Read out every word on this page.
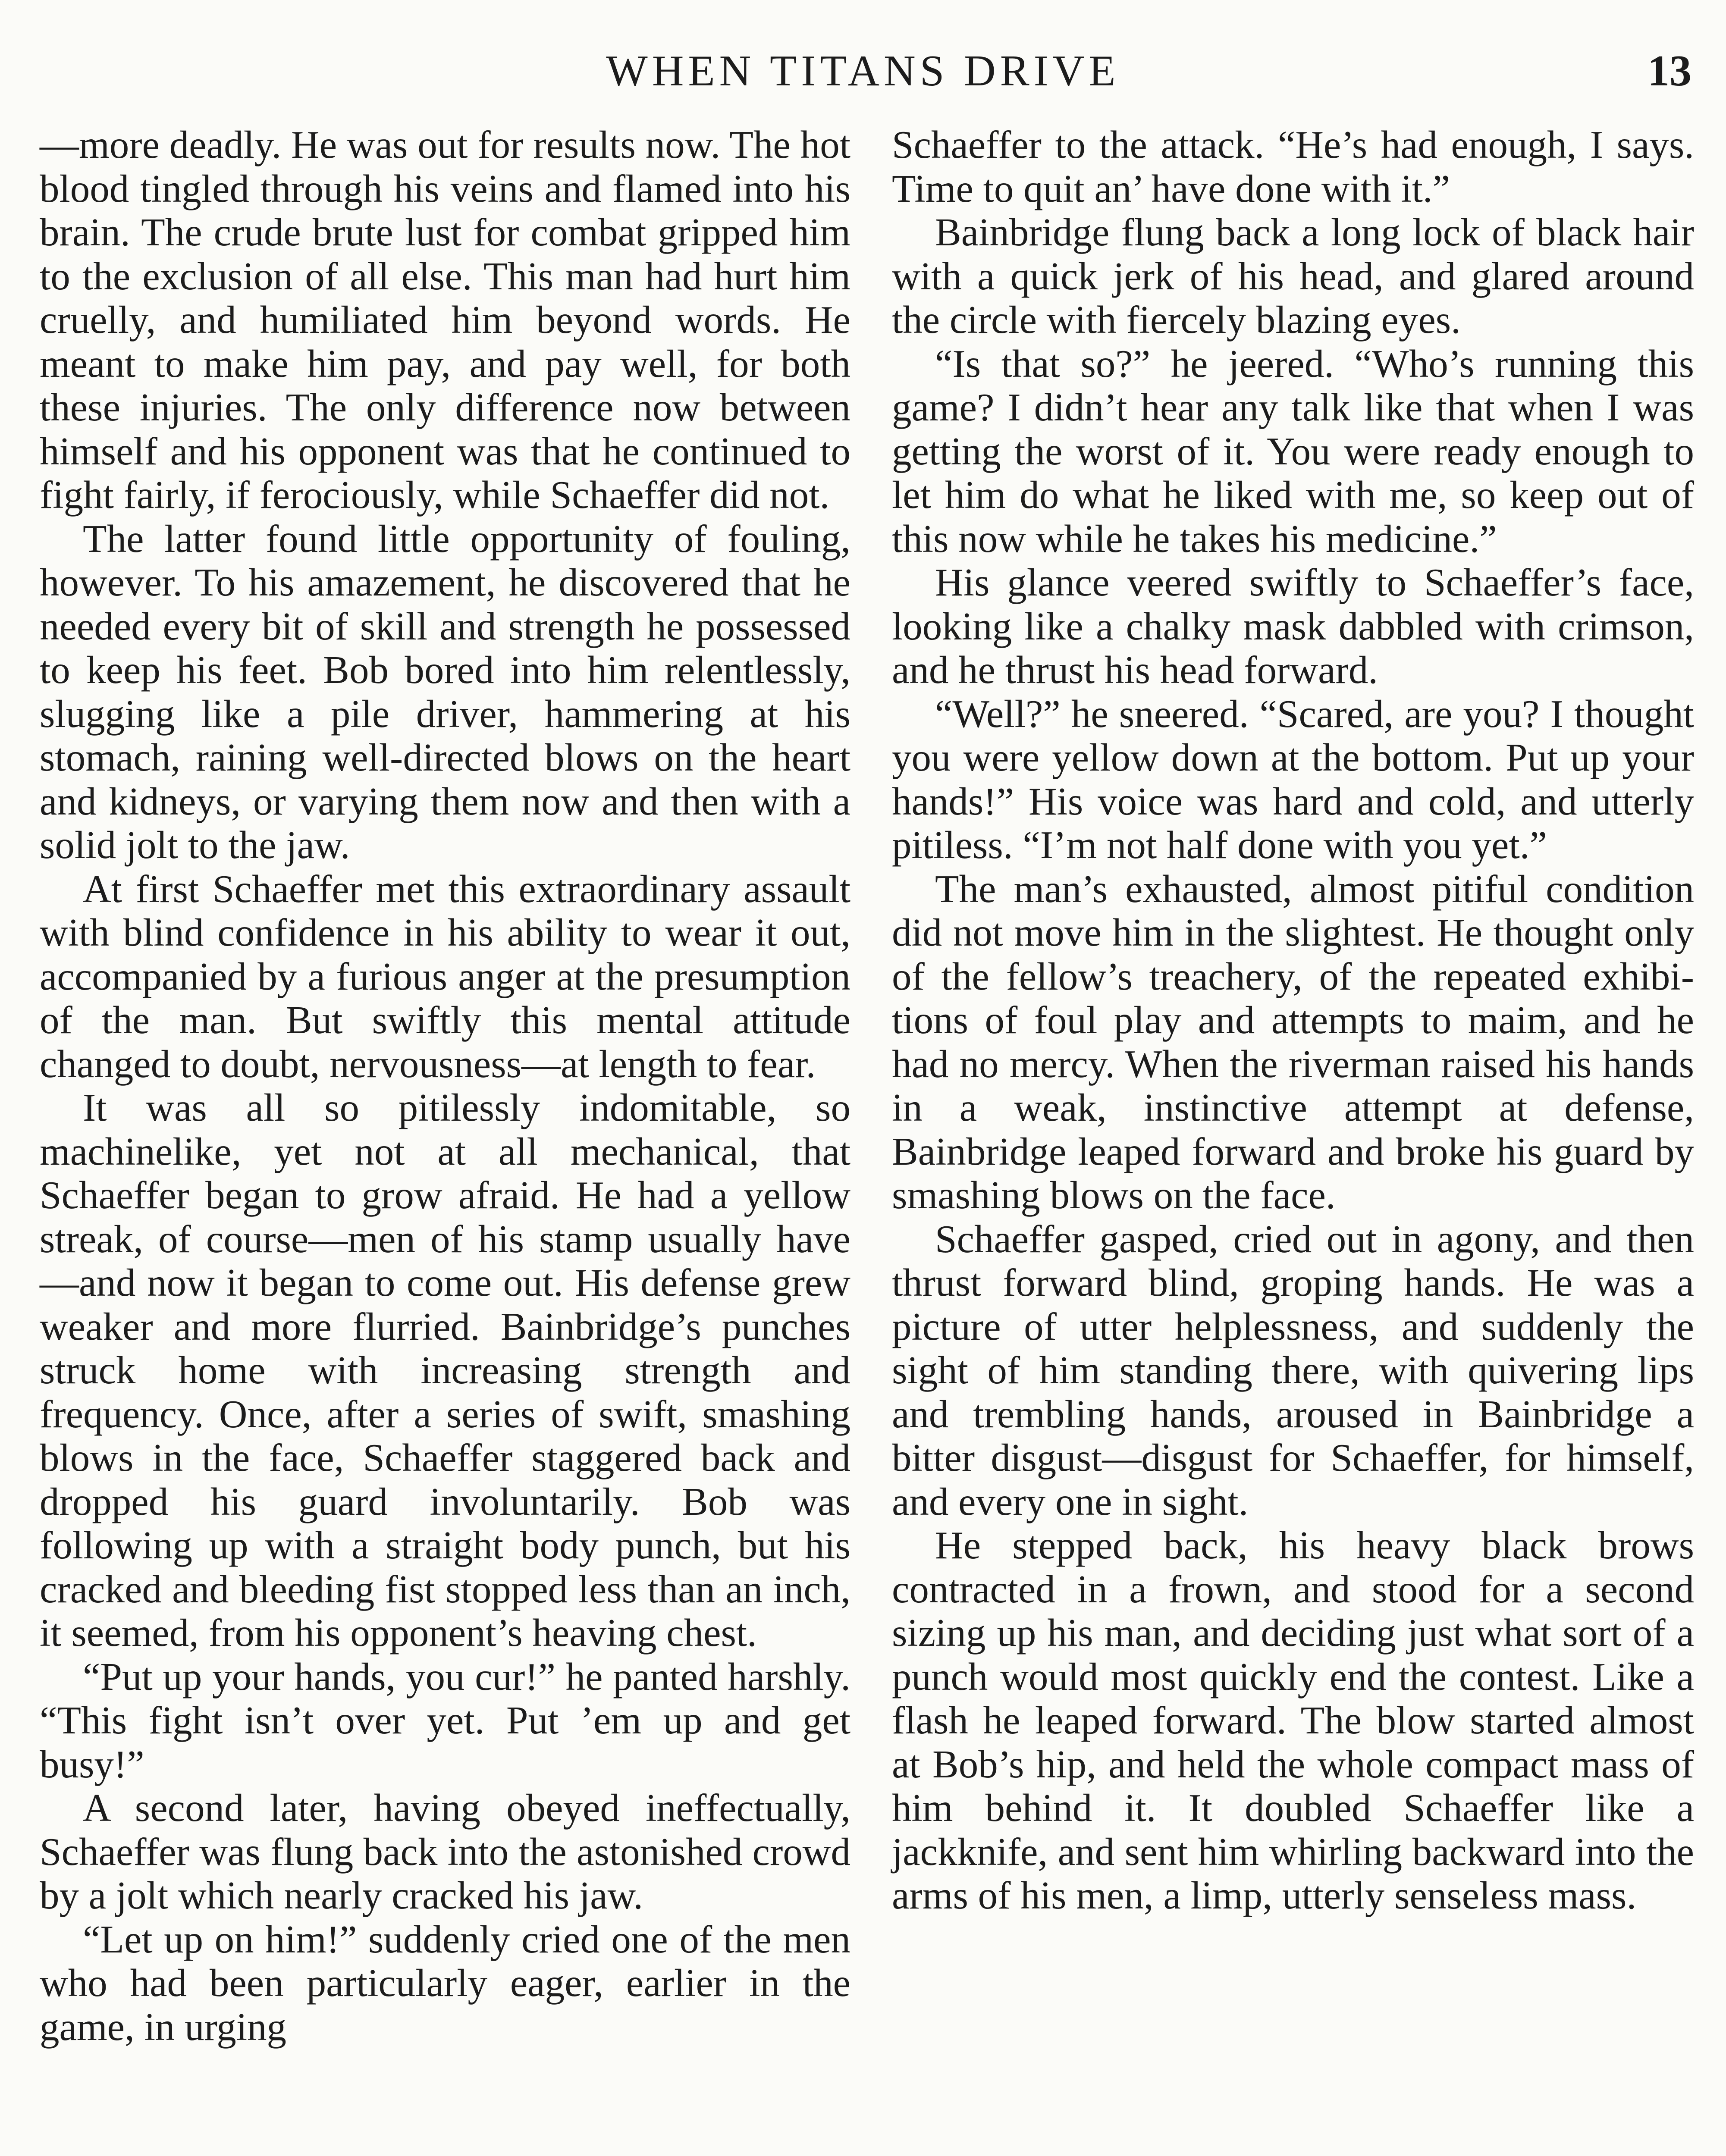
WHEN TITANS DRIVE	13

—more deadly. He was out for results now. The hot blood tingled through his veins and flamed into his brain. The crude brute lust for combat gripped him to the exclusion of all else. This man had hurt him cruelly, and humiliated him beyond words. He meant to make him pay, and pay well, for both these injuries. The only difference now between himself and his opponent was that he continued to fight fairly, if ferociously, while Schaeffer did not.

The latter found little opportunity of fouling, however. To his amazement, he discovered that he needed every bit of skill and strength he possessed to keep his feet. Bob bored into him relentlessly, slugging like a pile driver, hammering at his stomach, raining well-directed blows on the heart and kidneys, or varying them now and then with a solid jolt to the jaw.

At first Schaeffer met this extraordinary assault with blind confidence in his ability to wear it out, accompanied by a furious anger at the presumption of the man. But swiftly this mental attitude changed to doubt, nervousness—at length to fear.

It was all so pitilessly indomitable, so machinelike, yet not at all mechanical, that Schaeffer began to grow afraid. He had a yellow streak, of course—men of his stamp usually have—and now it began to come out. His defense grew weaker and more flurried. Bainbridge’s punches struck home with increasing strength and frequency. Once, after a series of swift, smashing blows in the face, Schaeffer staggered back and dropped his guard involuntarily. Bob was following up with a straight body punch, but his cracked and bleeding fist stopped less than an inch, it seemed, from his opponent’s heaving chest.

“Put up your hands, you cur!” he panted harshly. “This fight isn’t over yet. Put ’em up and get busy!”

A second later, having obeyed ineffectually, Schaeffer was flung back into the astonished crowd by a jolt which nearly cracked his jaw.

“Let up on him!” suddenly cried one of the men who had been particularly eager, earlier in the game, in urging

Schaeffer to the attack. “He’s had enough, I says. Time to quit an’ have done with it.”

Bainbridge flung back a long lock of black hair with a quick jerk of his head, and glared around the circle with fiercely blazing eyes.

“Is that so?” he jeered. “Who’s running this game? I didn’t hear any talk like that when I was getting the worst of it. You were ready enough to let him do what he liked with me, so keep out of this now while he takes his medicine.”

His glance veered swiftly to Schaeffer’s face, looking like a chalky mask dabbled with crimson, and he thrust his head forward.

“Well?” he sneered. “Scared, are you? I thought you were yellow down at the bottom. Put up your hands!” His voice was hard and cold, and utterly pitiless. “I’m not half done with you yet.”

The man’s exhausted, almost pitiful condition did not move him in the slightest. He thought only of the fellow’s treachery, of the repeated exhibitions of foul play and attempts to maim, and he had no mercy. When the riverman raised his hands in a weak, instinctive attempt at defense, Bainbridge leaped forward and broke his guard by smashing blows on the face.

Schaeffer gasped, cried out in agony, and then thrust forward blind, groping hands. He was a picture of utter helplessness, and suddenly the sight of him standing there, with quivering lips and trembling hands, aroused in Bainbridge a bitter disgust—disgust for Schaeffer, for himself, and every one in sight.

He stepped back, his heavy black brows contracted in a frown, and stood for a second sizing up his man, and deciding just what sort of a punch would most quickly end the contest. Like a flash he leaped forward. The blow started almost at Bob’s hip, and held the whole compact mass of him behind it. It doubled Schaeffer like a jackknife, and sent him whirling backward into the arms of his men, a limp, utterly senseless mass.
